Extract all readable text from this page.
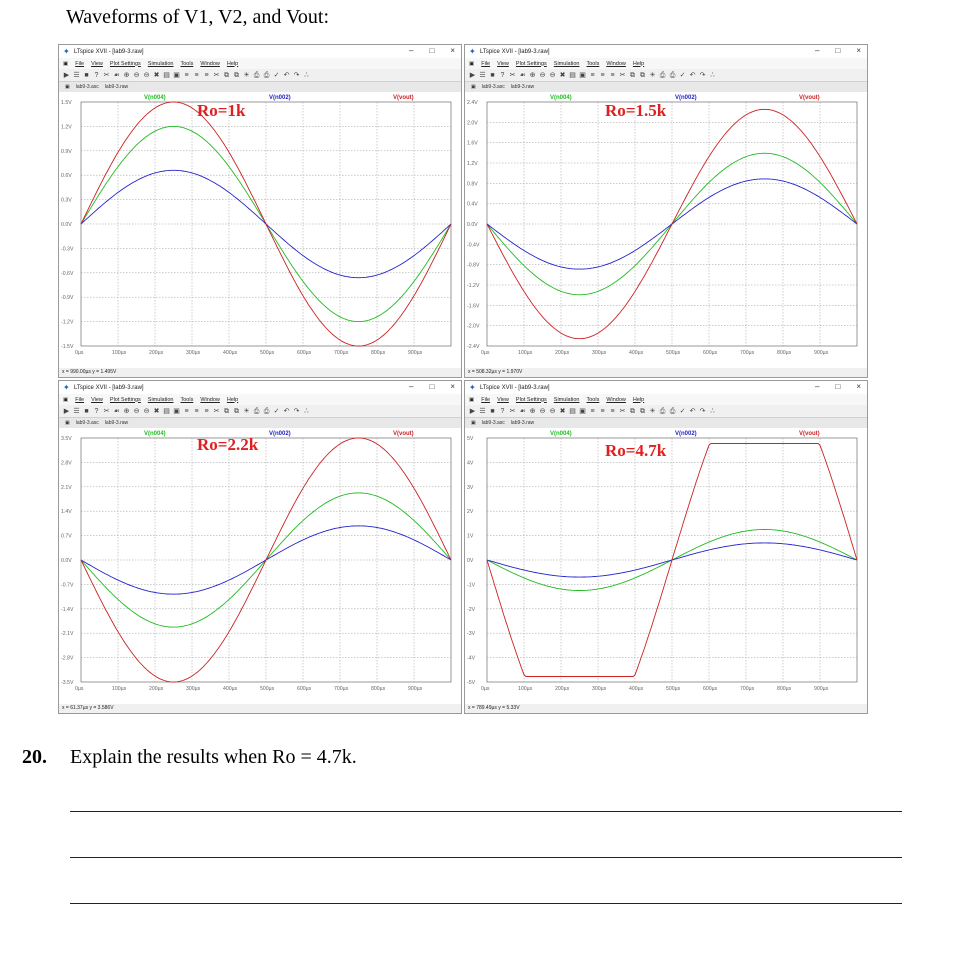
Waveforms of V1, V2, and Vout:
✦ LTspice XVII - [lab9-3.raw]	– □ ×
▣ File View Plot Settings Simulation Tools Window Help
▶ ☰ ■ ? ✂ ☙ ⊕ ⊖ ⊖ ✖ ▤ ▣ ≡ ≡ ≡ ✂ ⧉ ⧉ ☀ ⎙ ⎙ ✓ ↶ ↷ ∴
▣ lab9-3.asc lab9-3.raw
V(n004)	V(n002)	V(vout)
1.5V
1.2V
0.9V
0.6V
0.3V
0.0V
-0.3V
-0.6V
-0.9V
-1.2V
-1.5V
0µs	100µs	200µs	300µs	400µs	500µs	600µs	700µs	800µs	900µs
Ro=1k
x = 990.00µs y = 1.495V
✦ LTspice XVII - [lab9-3.raw]	– □ ×
▣ File View Plot Settings Simulation Tools Window Help
▶ ☰ ■ ? ✂ ☙ ⊕ ⊖ ⊖ ✖ ▤ ▣ ≡ ≡ ≡ ✂ ⧉ ⧉ ☀ ⎙ ⎙ ✓ ↶ ↷ ∴
▣ lab9-3.asc lab9-3.raw
V(n004)	V(n002)	V(vout)
2.4V
2.0V
1.6V
1.2V
0.8V
0.4V
0.0V
-0.4V
-0.8V
-1.2V
-1.6V
-2.0V
-2.4V
0µs	100µs	200µs	300µs	400µs	500µs	600µs	700µs	800µs	900µs
Ro=1.5k
x = 508.32µs y = 1.970V
✦ LTspice XVII - [lab9-3.raw]	– □ ×
▣ File View Plot Settings Simulation Tools Window Help
▶ ☰ ■ ? ✂ ☙ ⊕ ⊖ ⊖ ✖ ▤ ▣ ≡ ≡ ≡ ✂ ⧉ ⧉ ☀ ⎙ ⎙ ✓ ↶ ↷ ∴
▣ lab9-3.asc lab9-3.raw
V(n004)	V(n002)	V(vout)
3.5V
2.8V
2.1V
1.4V
0.7V
0.0V
-0.7V
-1.4V
-2.1V
-2.8V
-3.5V
0µs	100µs	200µs	300µs	400µs	500µs	600µs	700µs	800µs	900µs
Ro=2.2k
x = 61.37µs y = 3.586V
✦ LTspice XVII - [lab9-3.raw]	– □ ×
▣ File View Plot Settings Simulation Tools Window Help
▶ ☰ ■ ? ✂ ☙ ⊕ ⊖ ⊖ ✖ ▤ ▣ ≡ ≡ ≡ ✂ ⧉ ⧉ ☀ ⎙ ⎙ ✓ ↶ ↷ ∴
▣ lab9-3.asc lab9-3.raw
V(n004)	V(n002)	V(vout)
5V
4V
3V
2V
1V
0V
-1V
-2V
-3V
-4V
-5V
0µs	100µs	200µs	300µs	400µs	500µs	600µs	700µs	800µs	900µs
Ro=4.7k
x = 789.49µs y = 5.33V
20. Explain the results when Ro = 4.7k.
